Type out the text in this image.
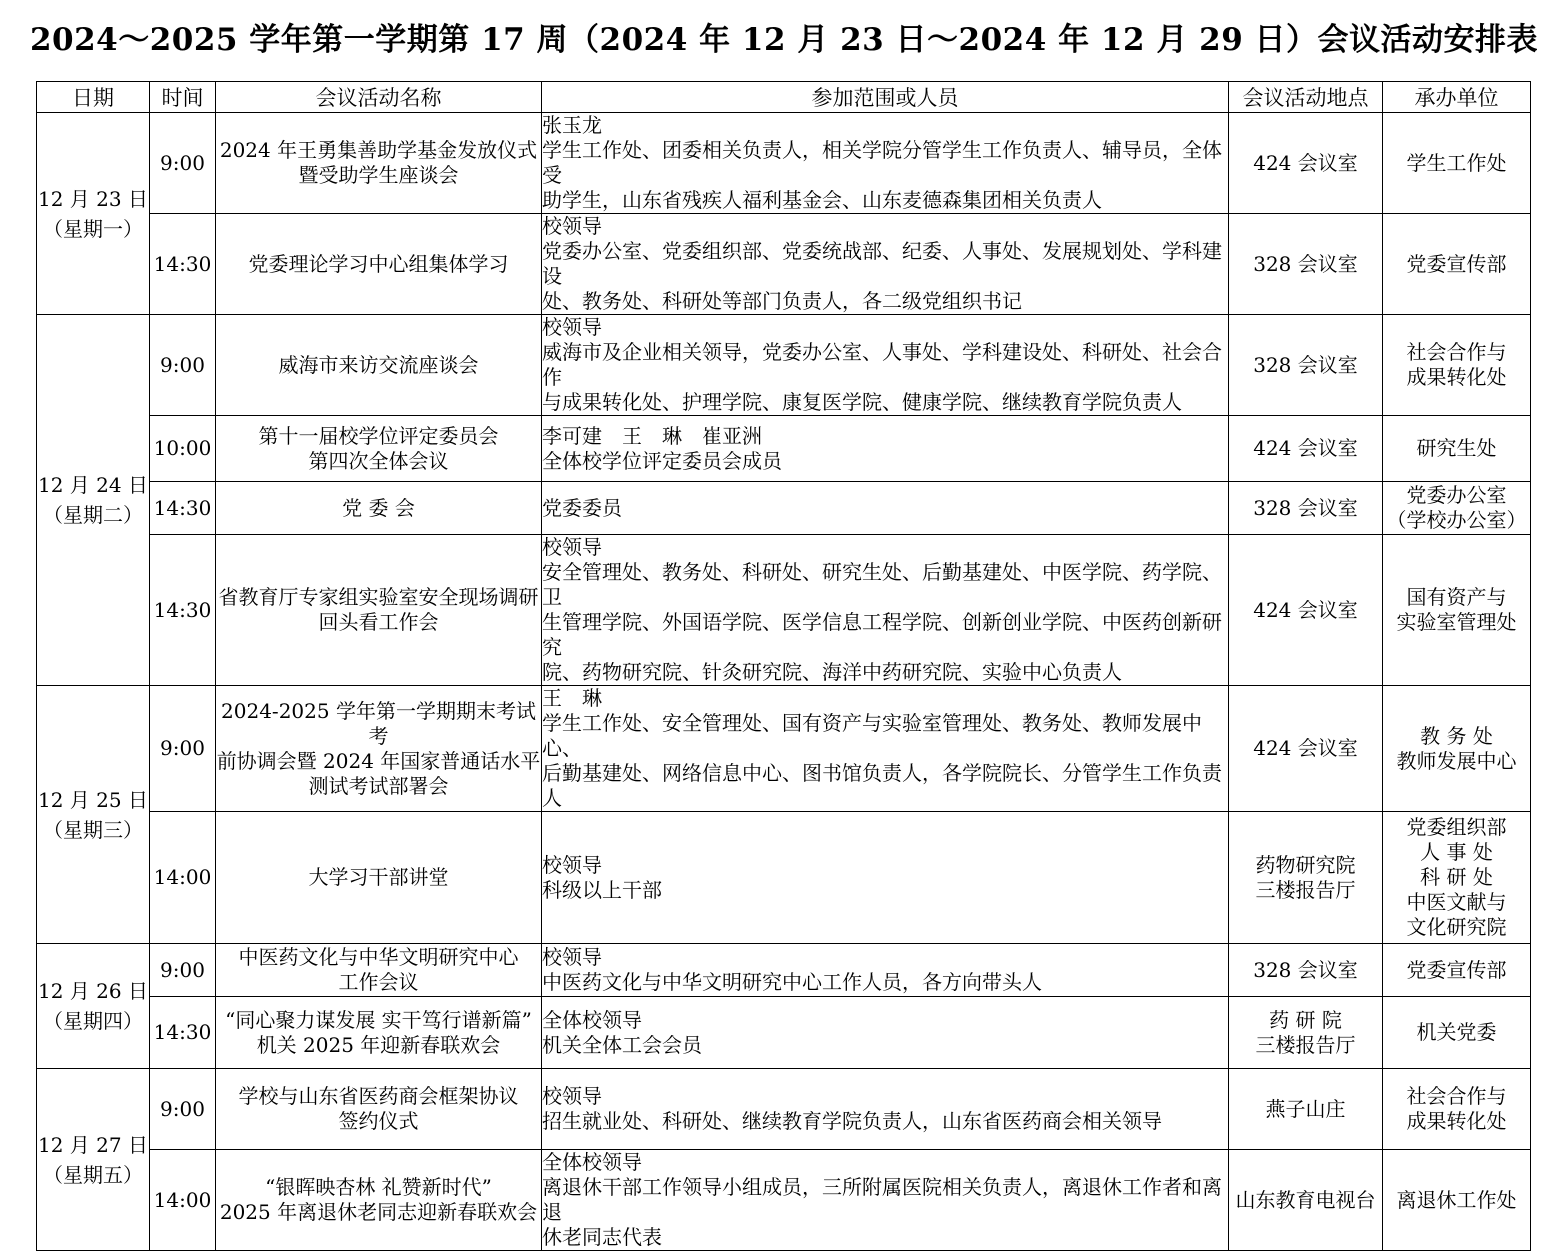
2024～2025 学年第一学期第 17 周（2024 年 12 月 23 日～2024 年 12 月 29 日）会议活动安排表
日期	时间	会议活动名称	参加范围或人员	会议活动地点	承办单位

12 月 23 日
（星期一）	9:00	2024 年王勇集善助学基金发放仪式
暨受助学生座谈会	张玉龙
学生工作处、团委相关负责人，相关学院分管学生工作负责人、辅导员，全体受
助学生，山东省残疾人福利基金会、山东麦德森集团相关负责人	424 会议室	学生工作处

	14:30	党委理论学习中心组集体学习	校领导
党委办公室、党委组织部、党委统战部、纪委、人事处、发展规划处、学科建设
处、教务处、科研处等部门负责人，各二级党组织书记	328 会议室	党委宣传部

12 月 24 日
（星期二）	9:00	威海市来访交流座谈会	校领导
威海市及企业相关领导，党委办公室、人事处、学科建设处、科研处、社会合作
与成果转化处、护理学院、康复医学院、健康学院、继续教育学院负责人	328 会议室	社会合作与
成果转化处

	10:00	第十一届校学位评定委员会
第四次全体会议	李可建　王　琳　崔亚洲
全体校学位评定委员会成员	424 会议室	研究生处

	14:30	党 委 会	党委委员	328 会议室	党委办公室
（学校办公室）

	14:30	省教育厅专家组实验室安全现场调研
回头看工作会	校领导
安全管理处、教务处、科研处、研究生处、后勤基建处、中医学院、药学院、卫
生管理学院、外国语学院、医学信息工程学院、创新创业学院、中医药创新研究
院、药物研究院、针灸研究院、海洋中药研究院、实验中心负责人	424 会议室	国有资产与
实验室管理处

12 月 25 日
（星期三）	9:00	2024-2025 学年第一学期期末考试考
前协调会暨 2024 年国家普通话水平
测试考试部署会	王　琳
学生工作处、安全管理处、国有资产与实验室管理处、教务处、教师发展中心、
后勤基建处、网络信息中心、图书馆负责人，各学院院长、分管学生工作负责人	424 会议室	教 务 处
教师发展中心

	14:00	大学习干部讲堂	校领导
科级以上干部	药物研究院
三楼报告厅	党委组织部
人 事 处
科 研 处
中医文献与
文化研究院

12 月 26 日
（星期四）	9:00	中医药文化与中华文明研究中心
工作会议	校领导
中医药文化与中华文明研究中心工作人员，各方向带头人	328 会议室	党委宣传部

	14:30	“同心聚力谋发展 实干笃行谱新篇”
机关 2025 年迎新春联欢会	全体校领导
机关全体工会会员	药 研 院
三楼报告厅	机关党委

12 月 27 日
（星期五）	9:00	学校与山东省医药商会框架协议
签约仪式	校领导
招生就业处、科研处、继续教育学院负责人，山东省医药商会相关领导	燕子山庄	社会合作与
成果转化处

	14:00	“银晖映杏林 礼赞新时代”
2025 年离退休老同志迎新春联欢会	全体校领导
离退休干部工作领导小组成员，三所附属医院相关负责人，离退休工作者和离退
休老同志代表	山东教育电视台	离退休工作处
